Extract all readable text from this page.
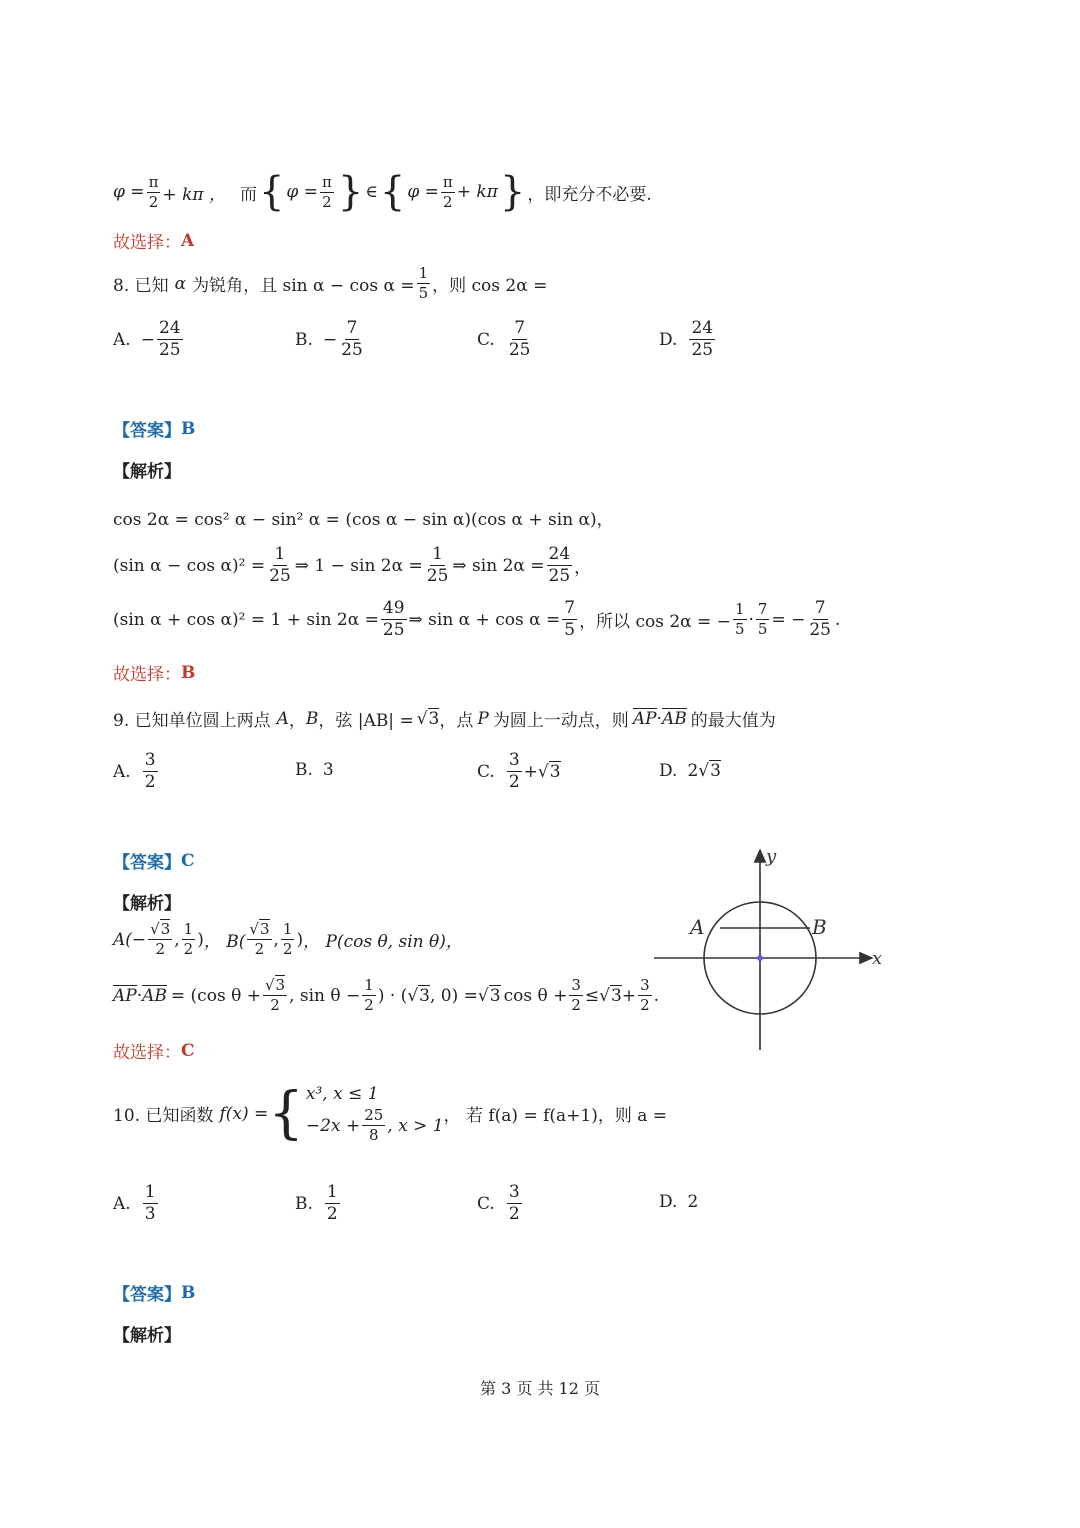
$\varphi = \frac{\pi}{2} + k\pi$ ， 而 { $\varphi = \frac{\pi}{2}$ } ∈ { $\varphi = \frac{\pi}{2} + k\pi$ } ，即充分不必要.
故选择： A
8. 已知 α 为锐角，且 $\sin \alpha - \cos \alpha = \frac{1}{5}$ ，则 cos 2α =
A. − $\frac{24}{25}$	B. − $\frac{7}{25}$	C. $\frac{7}{25}$	D. $\frac{24}{25}$
【答案】 B
【解析】
cos 2α = cos² α − sin² α = (cos α − sin α)(cos α + sin α)，
(sin $\alpha - \cos \alpha)^2 = \frac{1}{25}$ ⇒ $1 - \sin 2\alpha = \frac{1}{25}$ ⇒ $\sin 2\alpha = \frac{24}{25}$ ，
(sin $\alpha + \cos \alpha)^2 = 1 + \sin 2\alpha = \frac{49}{25}$ ⇒ $\sin \alpha + \cos \alpha = \frac{7}{5}$ ，所以 cos 2α = − $\frac{1}{5} \cdot \frac{7}{5}$ = − $\frac{7}{25}$ .
故选择： B
9. 已知单位圆上两点 A ， B ，弦 |AB| = √ 3 ，点 P 为圆上一动点，则 AP · AB 的最大值为
A. $\frac{3}{2}$	B. 3	C. $\frac{3}{2}$ + √ 3	D. 2 √ 3
【答案】 C
【解析】
$A(- \frac{√3}{2}$ , $\frac{1}{2}$ ) ， $B( \frac{√3}{2}$ , $\frac{1}{2}$ ) ， P(cos θ, sin θ)，
AP · AB = (cos $\theta + \frac{√3}{2}$ , $\sin \theta - \frac{1}{2}$ ) · ( √ 3 , 0) = √ 3 $\cos \theta + \frac{3}{2}$ ≤ √ $3 + \frac{3}{2}$ .
故选择： C
x
y
A	B
10. 已知函数 f(x) = { x³, x ≤ 1
$-2x + \frac{25}{8}$ , x > 1 ， 若 f(a) = f(a+1)，则 a =
A. $\frac{1}{3}$	B. $\frac{1}{2}$	C. $\frac{3}{2}$	D. 2
【答案】 B
【解析】
第 3 页 共 12 页
